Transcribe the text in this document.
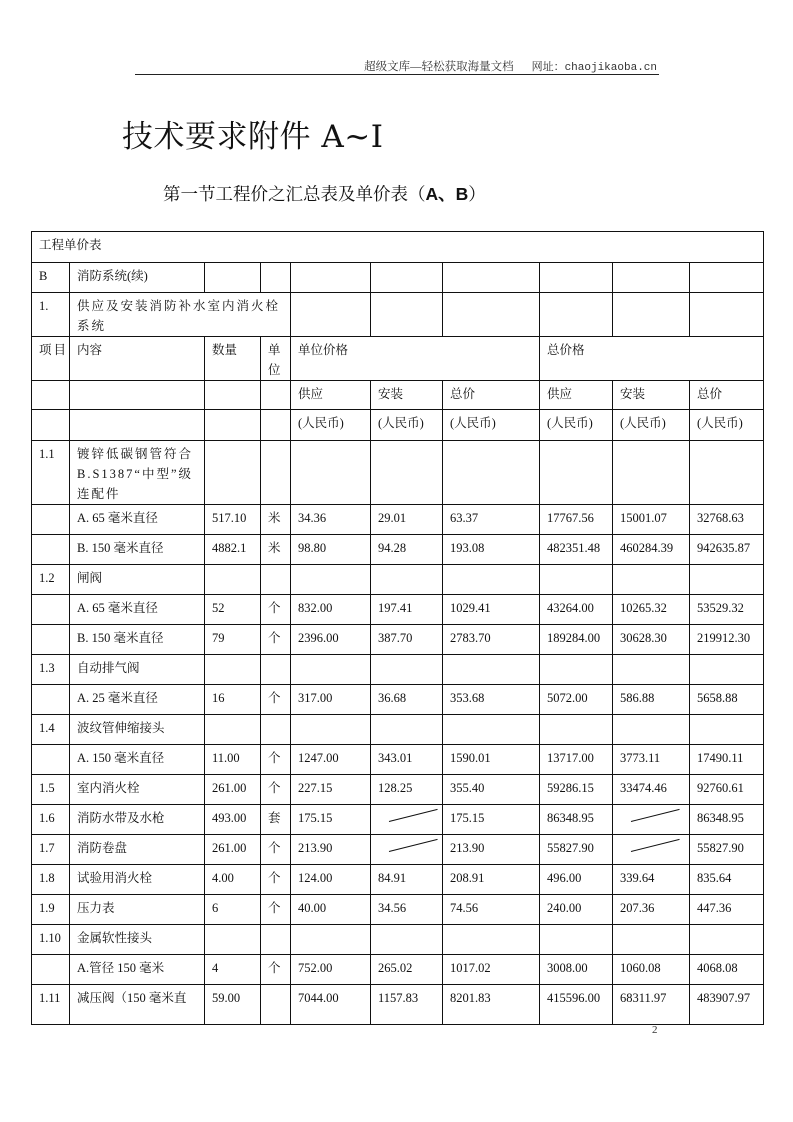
超级文库—轻松获取海量文档 网址：chaojikaoba.cn
技术要求附件 A~I
第一节工程价之汇总表及单价表（A、B）
工程单价表									
B	消防系统(续)								
1.	供应及安装消防补水室内消火栓系统								
项目	内容	数量	单位	单位价格			总价格		
				供应	安装	总价	供应	安装	总价
				(人民币)	(人民币)	(人民币)	(人民币)	(人民币)	(人民币)
1.1	镀锌低碳钢管符合B.S1387“中型”级连配件								
	A. 65 毫米直径	517.10	米	34.36	29.01	63.37	17767.56	15001.07	32768.63
	B. 150 毫米直径	4882.1	米	98.80	94.28	193.08	482351.48	460284.39	942635.87
1.2	闸阀								
	A. 65 毫米直径	52	个	832.00	197.41	1029.41	43264.00	10265.32	53529.32
	B. 150 毫米直径	79	个	2396.00	387.70	2783.70	189284.00	30628.30	219912.30
1.3	自动排气阀								
	A. 25 毫米直径	16	个	317.00	36.68	353.68	5072.00	586.88	5658.88
1.4	波纹管伸缩接头								
	A. 150 毫米直径	11.00	个	1247.00	343.01	1590.01	13717.00	3773.11	17490.11
1.5	室内消火栓	261.00	个	227.15	128.25	355.40	59286.15	33474.46	92760.61
1.6	消防水带及水枪	493.00	套	175.15		175.15	86348.95		86348.95
1.7	消防卷盘	261.00	个	213.90		213.90	55827.90		55827.90
1.8	试验用消火栓	4.00	个	124.00	84.91	208.91	496.00	339.64	835.64
1.9	压力表	6	个	40.00	34.56	74.56	240.00	207.36	447.36
1.10	金属软性接头								
	A.管径 150 毫米	4	个	752.00	265.02	1017.02	3008.00	1060.08	4068.08
1.11	减压阀（150 毫米直	59.00		7044.00	1157.83	8201.83	415596.00	68311.97	483907.97
2
